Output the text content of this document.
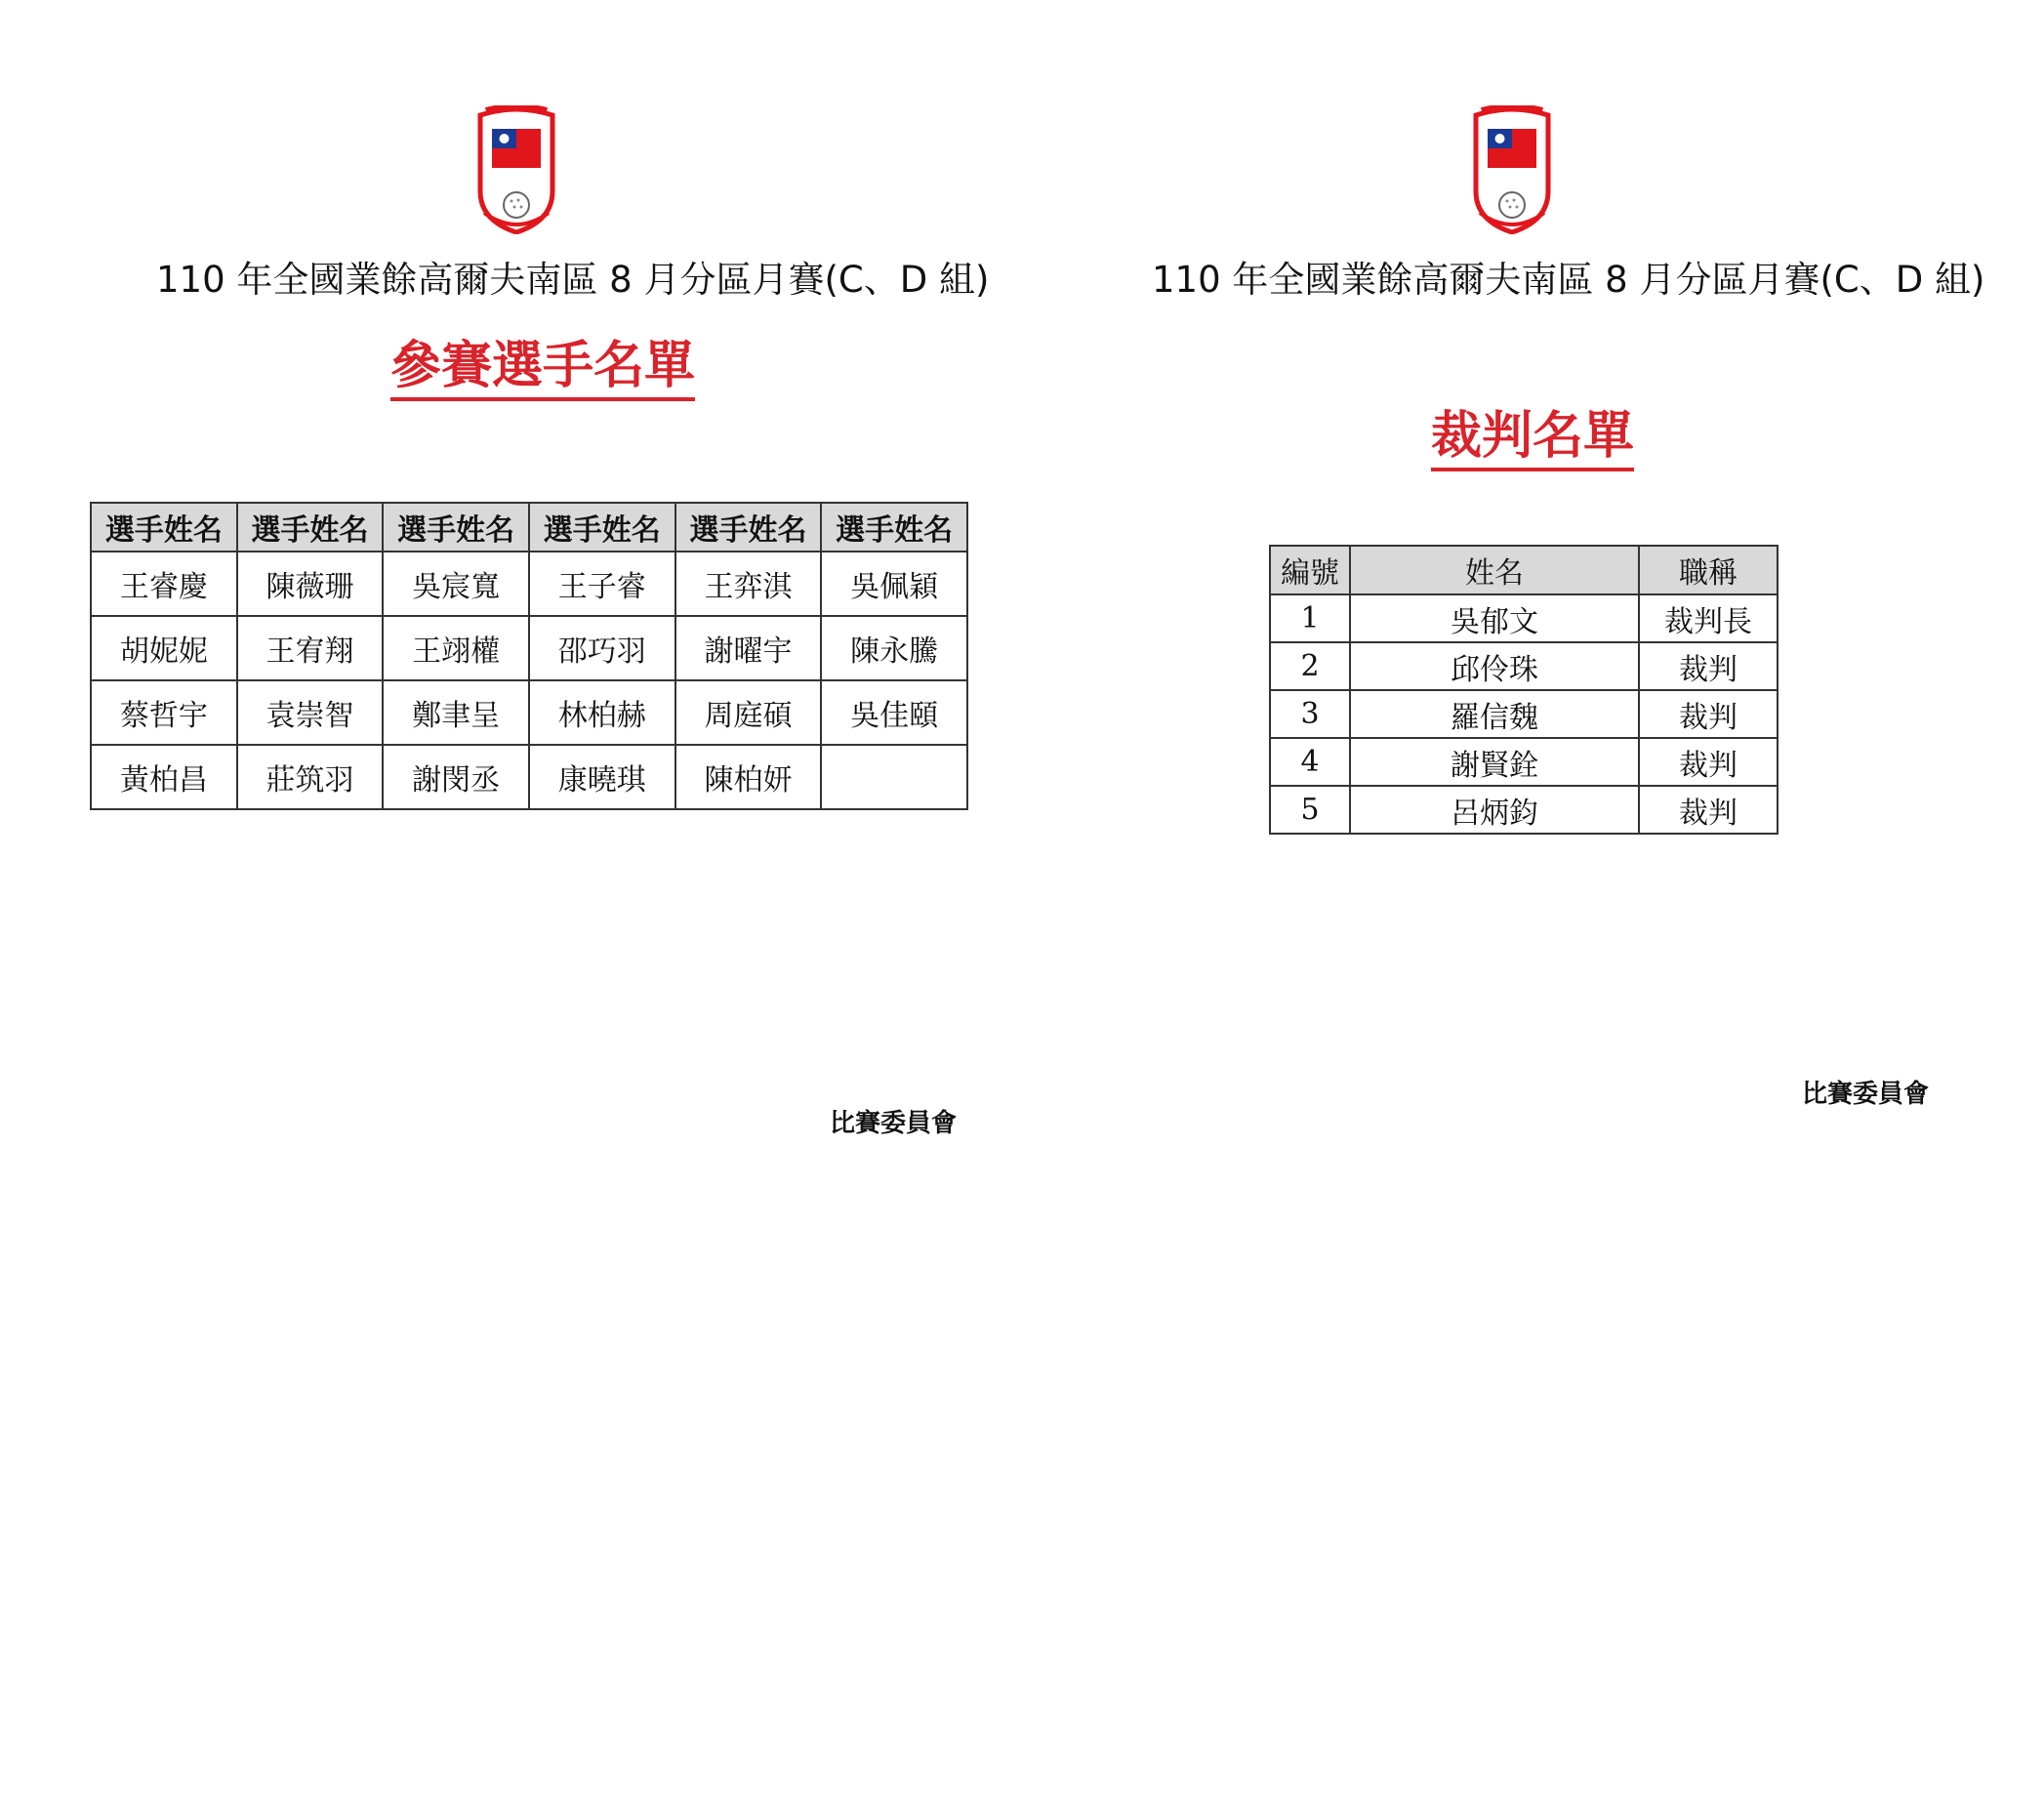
110 年全國業餘高爾夫南區 8 月分區月賽(C、D 組)
參賽選手名單
選手姓名	選手姓名	選手姓名	選手姓名	選手姓名	選手姓名
王睿慶	陳薇珊	吳宸寬	王子睿	王弈淇	吳佩穎
胡妮妮	王宥翔	王翊權	邵巧羽	謝曜宇	陳永騰
蔡哲宇	袁崇智	鄭聿呈	林柏赫	周庭碩	吳佳頤
黃柏昌	莊筑羽	謝閔丞	康曉琪	陳柏妍	
比賽委員會
110 年全國業餘高爾夫南區 8 月分區月賽(C、D 組)
裁判名單
編號	姓名	職稱
1	吳郁文	裁判長
2	邱伶珠	裁判
3	羅信魏	裁判
4	謝賢銓	裁判
5	呂炳鈞	裁判
比賽委員會
